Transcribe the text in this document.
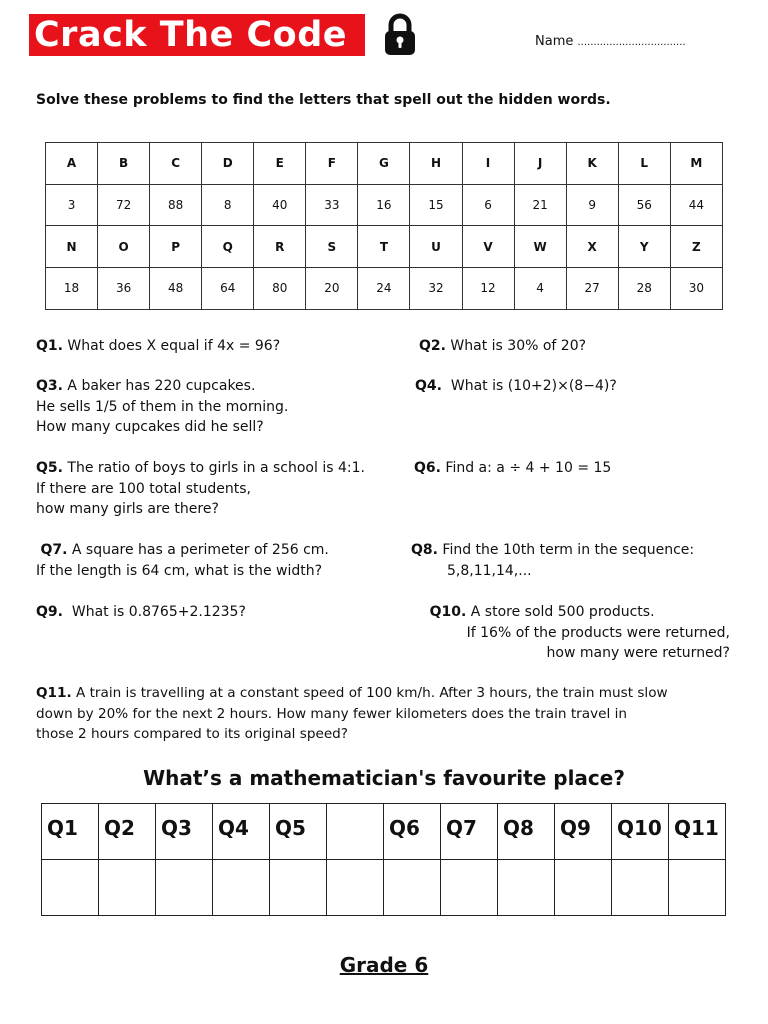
Crack The Code	Name ..................................
Solve these problems to find the letters that spell out the hidden words.
A	B	C	D	E	F	G	H	I	J	K	L	M
3	72	88	8	40	33	16	15	6	21	9	56	44
N	O	P	Q	R	S	T	U	V	W	X	Y	Z
18	36	48	64	80	20	24	32	12	4	27	28	30
Q1. What does X equal if 4x = 96?	Q2. What is 30% of 20?
Q3. A baker has 220 cupcakes.
He sells 1/5 of them in the morning.
How many cupcakes did he sell?
Q4. What is (10+2)×(8−4)?
Q5. The ratio of boys to girls in a school is 4:1.
If there are 100 total students,
how many girls are there?
Q6. Find a: a ÷ 4 + 10 = 15
Q7. A square has a perimeter of 256 cm.
If the length is 64 cm, what is the width?
Q8. Find the 10th term in the sequence:
5,8,11,14,...
Q9. What is 0.8765+2.1235?	Q10. A store sold 500 products.
If 16% of the products were returned,
how many were returned?
Q11. A train is travelling at a constant speed of 100 km/h. After 3 hours, the train must slow
down by 20% for the next 2 hours. How many fewer kilometers does the train travel in
those 2 hours compared to its original speed?
What’s a mathematician's favourite place?
Q1	Q2	Q3	Q4	Q5		Q6	Q7	Q8	Q9	Q10	Q11

Grade 6
